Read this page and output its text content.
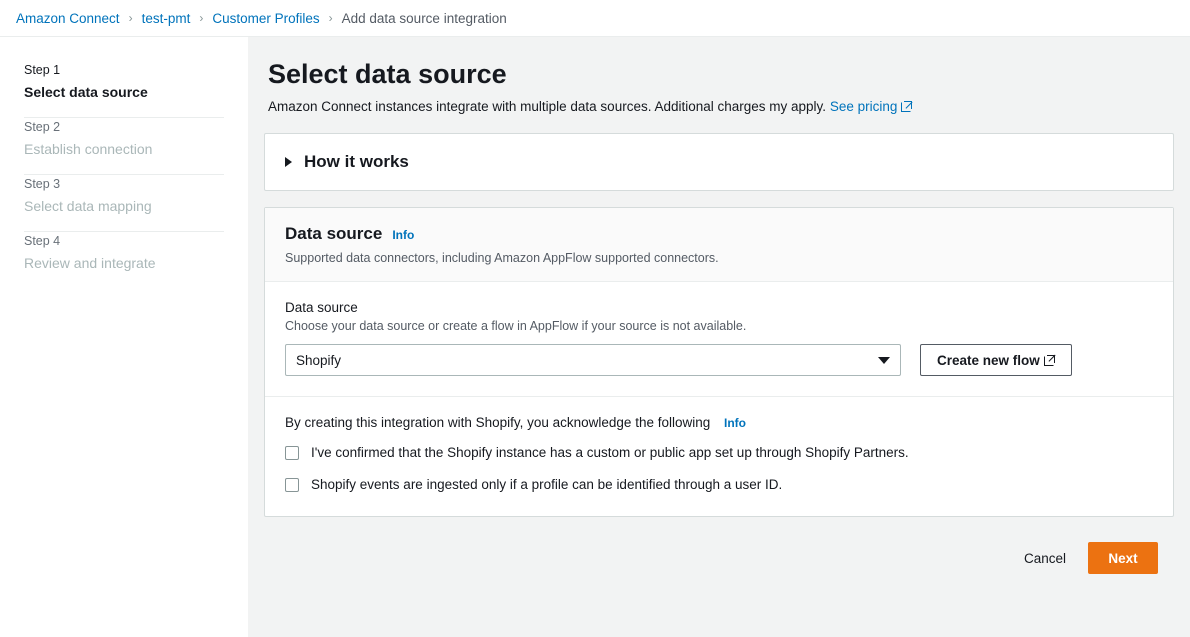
Amazon Connect › test-pmt › Customer Profiles › Add data source integration
Step 1
Select data source
Step 2
Establish connection
Step 3
Select data mapping
Step 4
Review and integrate
Select data source

Amazon Connect instances integrate with multiple data sources. Additional charges my apply. See pricing

How it works
Data source Info
Supported data connectors, including Amazon AppFlow supported connectors.
Data source
Choose your data source or create a flow in AppFlow if your source is not available.
Shopify	Create new flow
By creating this integration with Shopify, you acknowledge the following Info
I've confirmed that the Shopify instance has a custom or public app set up through Shopify Partners.
Shopify events are ingested only if a profile can be identified through a user ID.
Cancel	Next
